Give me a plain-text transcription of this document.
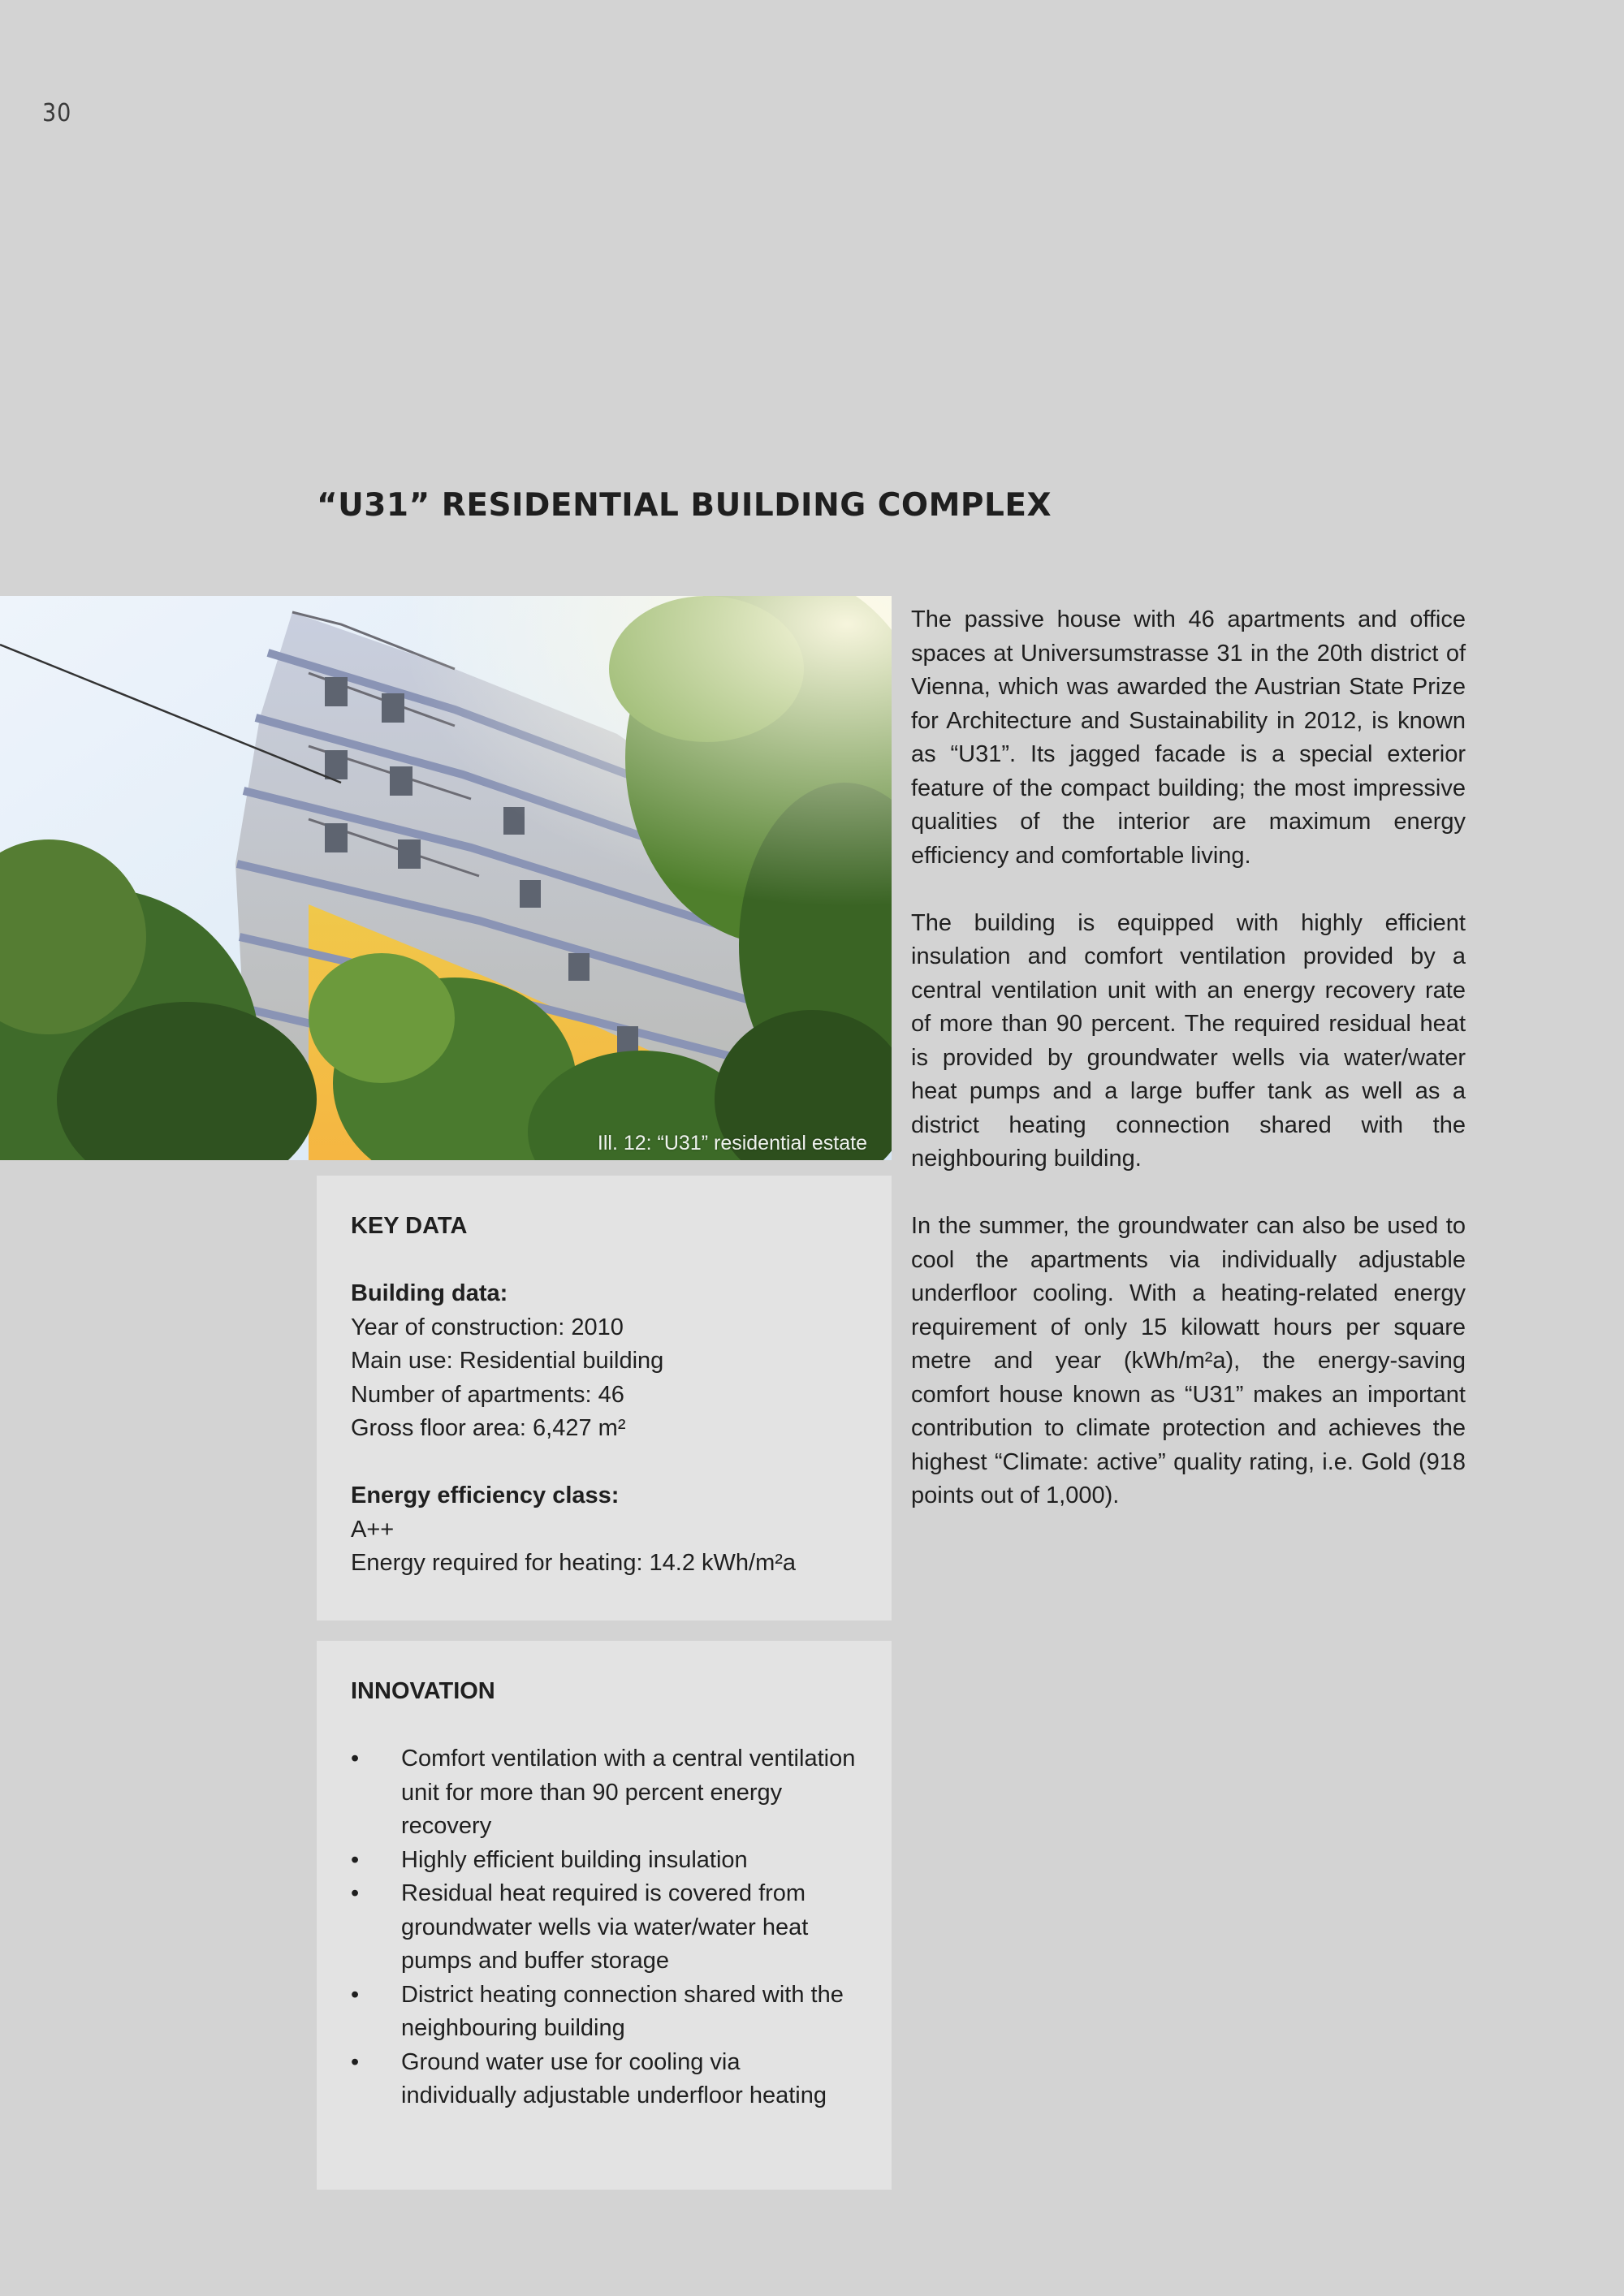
30
“U31” RESIDENTIAL BUILDING COMPLEX
Ill. 12: “U31” residential estate

The passive house with 46 apartments and office spaces at Universumstrasse 31 in the 20th district of Vienna, which was awarded the Austrian State Prize for Architecture and Sustainability in 2012, is known as “U31”. Its jagged facade is a special exterior feature of the compact building; the most impressive qualities of the interior are maximum energy efficiency and comfortable living.

The building is equipped with highly efficient insulation and comfort ventilation provided by a central ventilation unit with an energy recovery rate of more than 90 percent. The required residual heat is provided by groundwater wells via water/water heat pumps and a large buffer tank as well as a district heating connection shared with the neighbouring building.

In the summer, the groundwater can also be used to cool the apartments via individually adjustable underfloor cooling. With a heating-related energy requirement of only 15 kilowatt hours per square metre and year (kWh/m²a), the energy-saving comfort house known as “U31” makes an important contribution to climate protection and achieves the highest “Climate: active” quality rating, i.e. Gold (918 points out of 1,000).

KEY DATA
Building data:
Year of construction: 2010
Main use: Residential building
Number of apartments: 46
Gross floor area: 6,427 m²
Energy efficiency class:
A++
Energy required for heating: 14.2 kWh/m²a
INNOVATION
• Comfort ventilation with a central ventilation unit for more than 90 percent energy recovery
• Highly efficient building insulation
• Residual heat required is covered from groundwater wells via water/water heat pumps and buffer storage
• District heating connection shared with the neighbouring building
• Ground water use for cooling via individually adjustable underfloor heating
